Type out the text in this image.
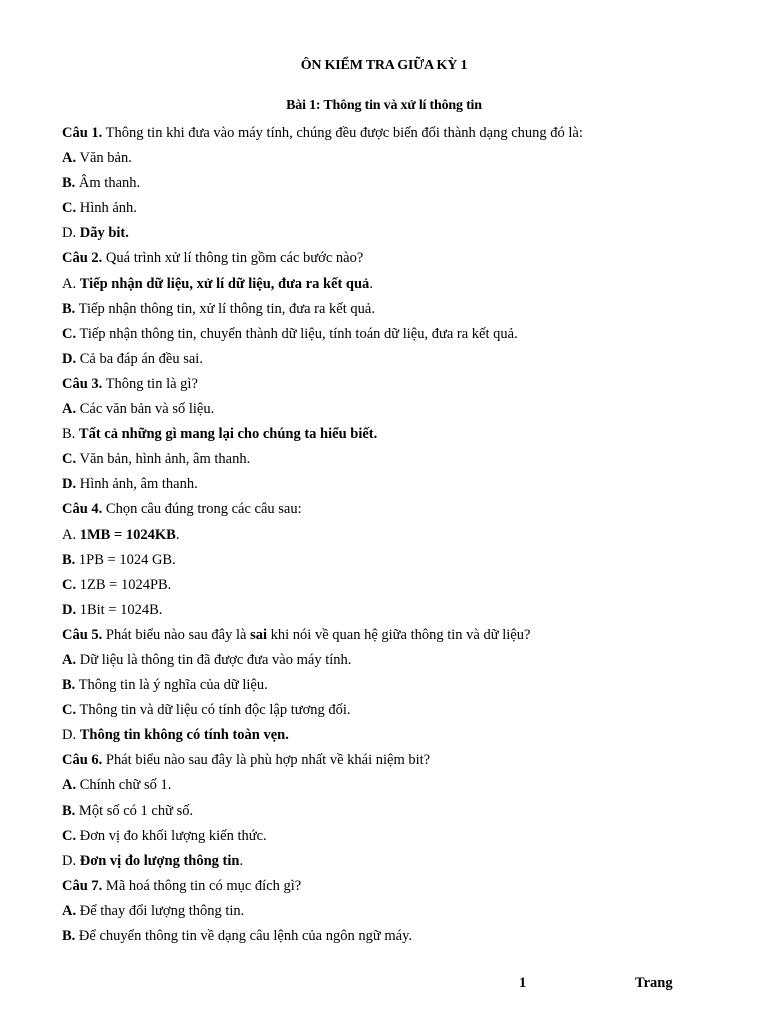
ÔN KIỂM TRA GIỮA KỲ 1
Bài 1: Thông tin và xử lí thông tin
Câu 1. Thông tin khi đưa vào máy tính, chúng đều được biến đổi thành dạng chung đó là:
A. Văn bản.
B. Âm thanh.
C. Hình ảnh.
D. Dãy bit.
Câu 2. Quá trình xử lí thông tin gồm các bước nào?
A. Tiếp nhận dữ liệu, xử lí dữ liệu, đưa ra kết quả.
B. Tiếp nhận thông tin, xử lí thông tin, đưa ra kết quả.
C. Tiếp nhận thông tin, chuyển thành dữ liệu, tính toán dữ liệu, đưa ra kết quả.
D. Cả ba đáp án đều sai.
Câu 3. Thông tin là gì?
A. Các văn bản và số liệu.
B. Tất cả những gì mang lại cho chúng ta hiểu biết.
C. Văn bản, hình ảnh, âm thanh.
D. Hình ảnh, âm thanh.
Câu 4. Chọn câu đúng trong các câu sau:
A. 1MB = 1024KB.
B. 1PB = 1024 GB.
C. 1ZB = 1024PB.
D. 1Bit = 1024B.
Câu 5. Phát biểu nào sau đây là sai khi nói về quan hệ giữa thông tin và dữ liệu?
A. Dữ liệu là thông tin đã được đưa vào máy tính.
B. Thông tin là ý nghĩa của dữ liệu.
C. Thông tin và dữ liệu có tính độc lập tương đối.
D. Thông tin không có tính toàn vẹn.
Câu 6. Phát biểu nào sau đây là phù hợp nhất về khái niệm bit?
A. Chính chữ số 1.
B. Một số có 1 chữ số.
C. Đơn vị đo khối lượng kiến thức.
D. Đơn vị đo lượng thông tin.
Câu 7. Mã hoá thông tin có mục đích gì?
A. Để thay đổi lượng thông tin.
B. Để chuyển thông tin về dạng câu lệnh của ngôn ngữ máy.
1	Trang
